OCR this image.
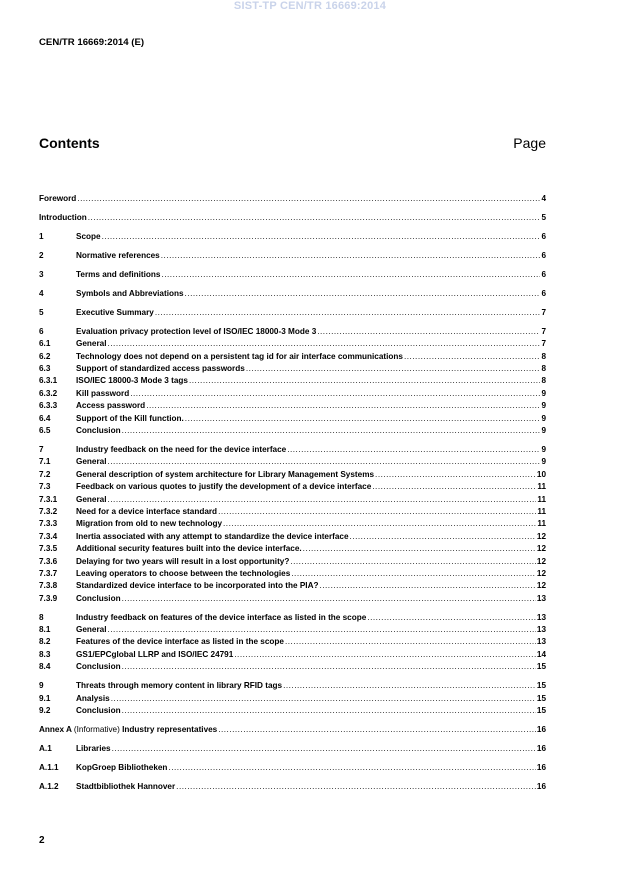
SIST-TP CEN/TR 16669:2014
CEN/TR 16669:2014 (E)
Contents	Page
Foreword .....	4
Introduction .....	5
1	Scope .....	6
2	Normative references .....	6
3	Terms and definitions .....	6
4	Symbols and Abbreviations .....	6
5	Executive Summary .....	7
6	Evaluation privacy protection level of ISO/IEC 18000-3 Mode 3 .....	7
6.1	General .....	7
6.2	Technology does not depend on a persistent tag id for air interface communications .....	8
6.3	Support of standardized access passwords .....	8
6.3.1	ISO/IEC 18000-3 Mode 3 tags .....	8
6.3.2	Kill password .....	9
6.3.3	Access password .....	9
6.4	Support of the Kill function. .....	9
6.5	Conclusion .....	9
7	Industry feedback on the need for the device interface .....	9
7.1	General .....	9
7.2	General description of system architecture for Library Management Systems .....	10
7.3	Feedback on various quotes to justify the development of a device interface .....	11
7.3.1	General .....	11
7.3.2	Need for a device interface standard .....	11
7.3.3	Migration from old to new technology .....	11
7.3.4	Inertia associated with any attempt to standardize the device interface .....	12
7.3.5	Additional security features built into the device interface. .....	12
7.3.6	Delaying for two years will result in a lost opportunity? .....	12
7.3.7	Leaving operators to choose between the technologies .....	12
7.3.8	Standardized device interface to be incorporated into the PIA? .....	12
7.3.9	Conclusion .....	13
8	Industry feedback on features of the device interface as listed in the scope .....	13
8.1	General .....	13
8.2	Features of the device interface as listed in the scope .....	13
8.3	GS1/EPCglobal LLRP and ISO/IEC 24791 .....	14
8.4	Conclusion .....	15
9	Threats through memory content in library RFID tags .....	15
9.1	Analysis .....	15
9.2	Conclusion .....	15
Annex A (Informative) Industry representatives .....	16
A.1	Libraries .....	16
A.1.1	KopGroep Bibliotheken .....	16
A.1.2	Stadtbibliothek Hannover .....	16
2
